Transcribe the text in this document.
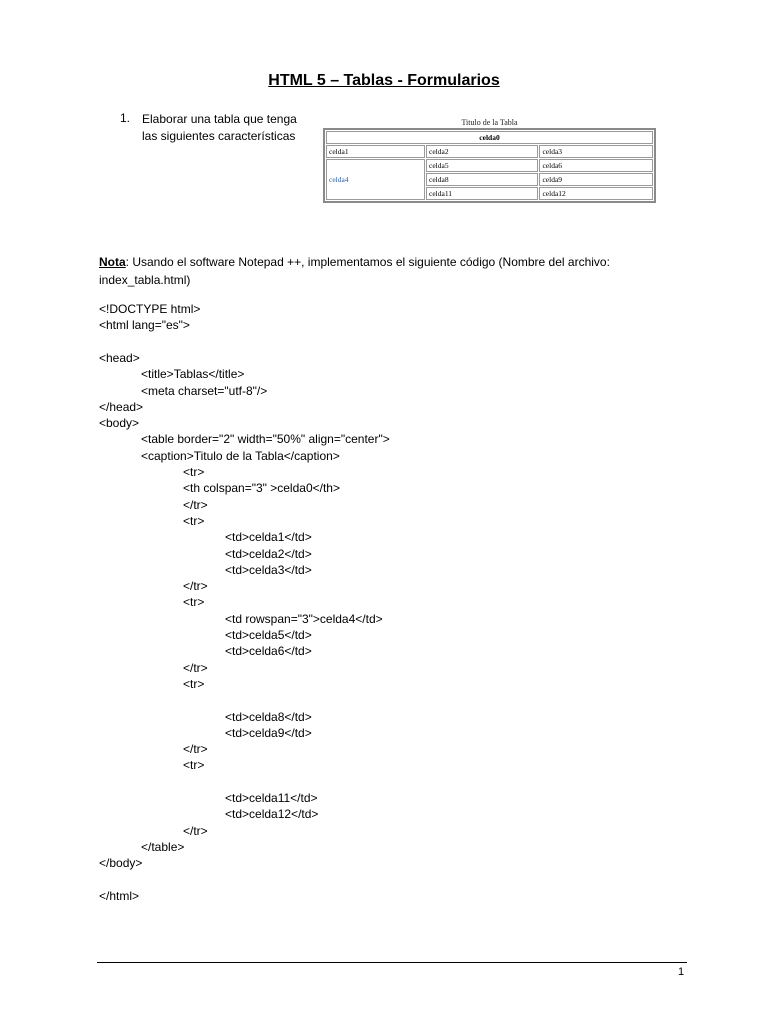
HTML 5 – Tablas - Formularios
1. Elaborar una tabla que tenga
las siguientes características
Titulo de la Tabla
celda0		
celda1	celda2	celda3
celda4	celda5	celda6
	celda8	celda9
	celda11	celda12
Nota: Usando el software Notepad ++, implementamos el siguiente código (Nombre del archivo:
index_tabla.html)
<!DOCTYPE html>
<html lang="es">
<head>
<title>Tablas</title>
<meta charset="utf-8"/>
</head>
<body>
<table border="2" width="50%" align="center">
<caption>Titulo de la Tabla</caption>
<tr>
<th colspan="3" >celda0</th>
</tr>
<tr>
<td>celda1</td>
<td>celda2</td>
<td>celda3</td>
</tr>
<tr>
<td rowspan="3">celda4</td>
<td>celda5</td>
<td>celda6</td>
</tr>
<tr>
<td>celda8</td>
<td>celda9</td>
</tr>
<tr>
<td>celda11</td>
<td>celda12</td>
</tr>
</table>
</body>
</html>
1
